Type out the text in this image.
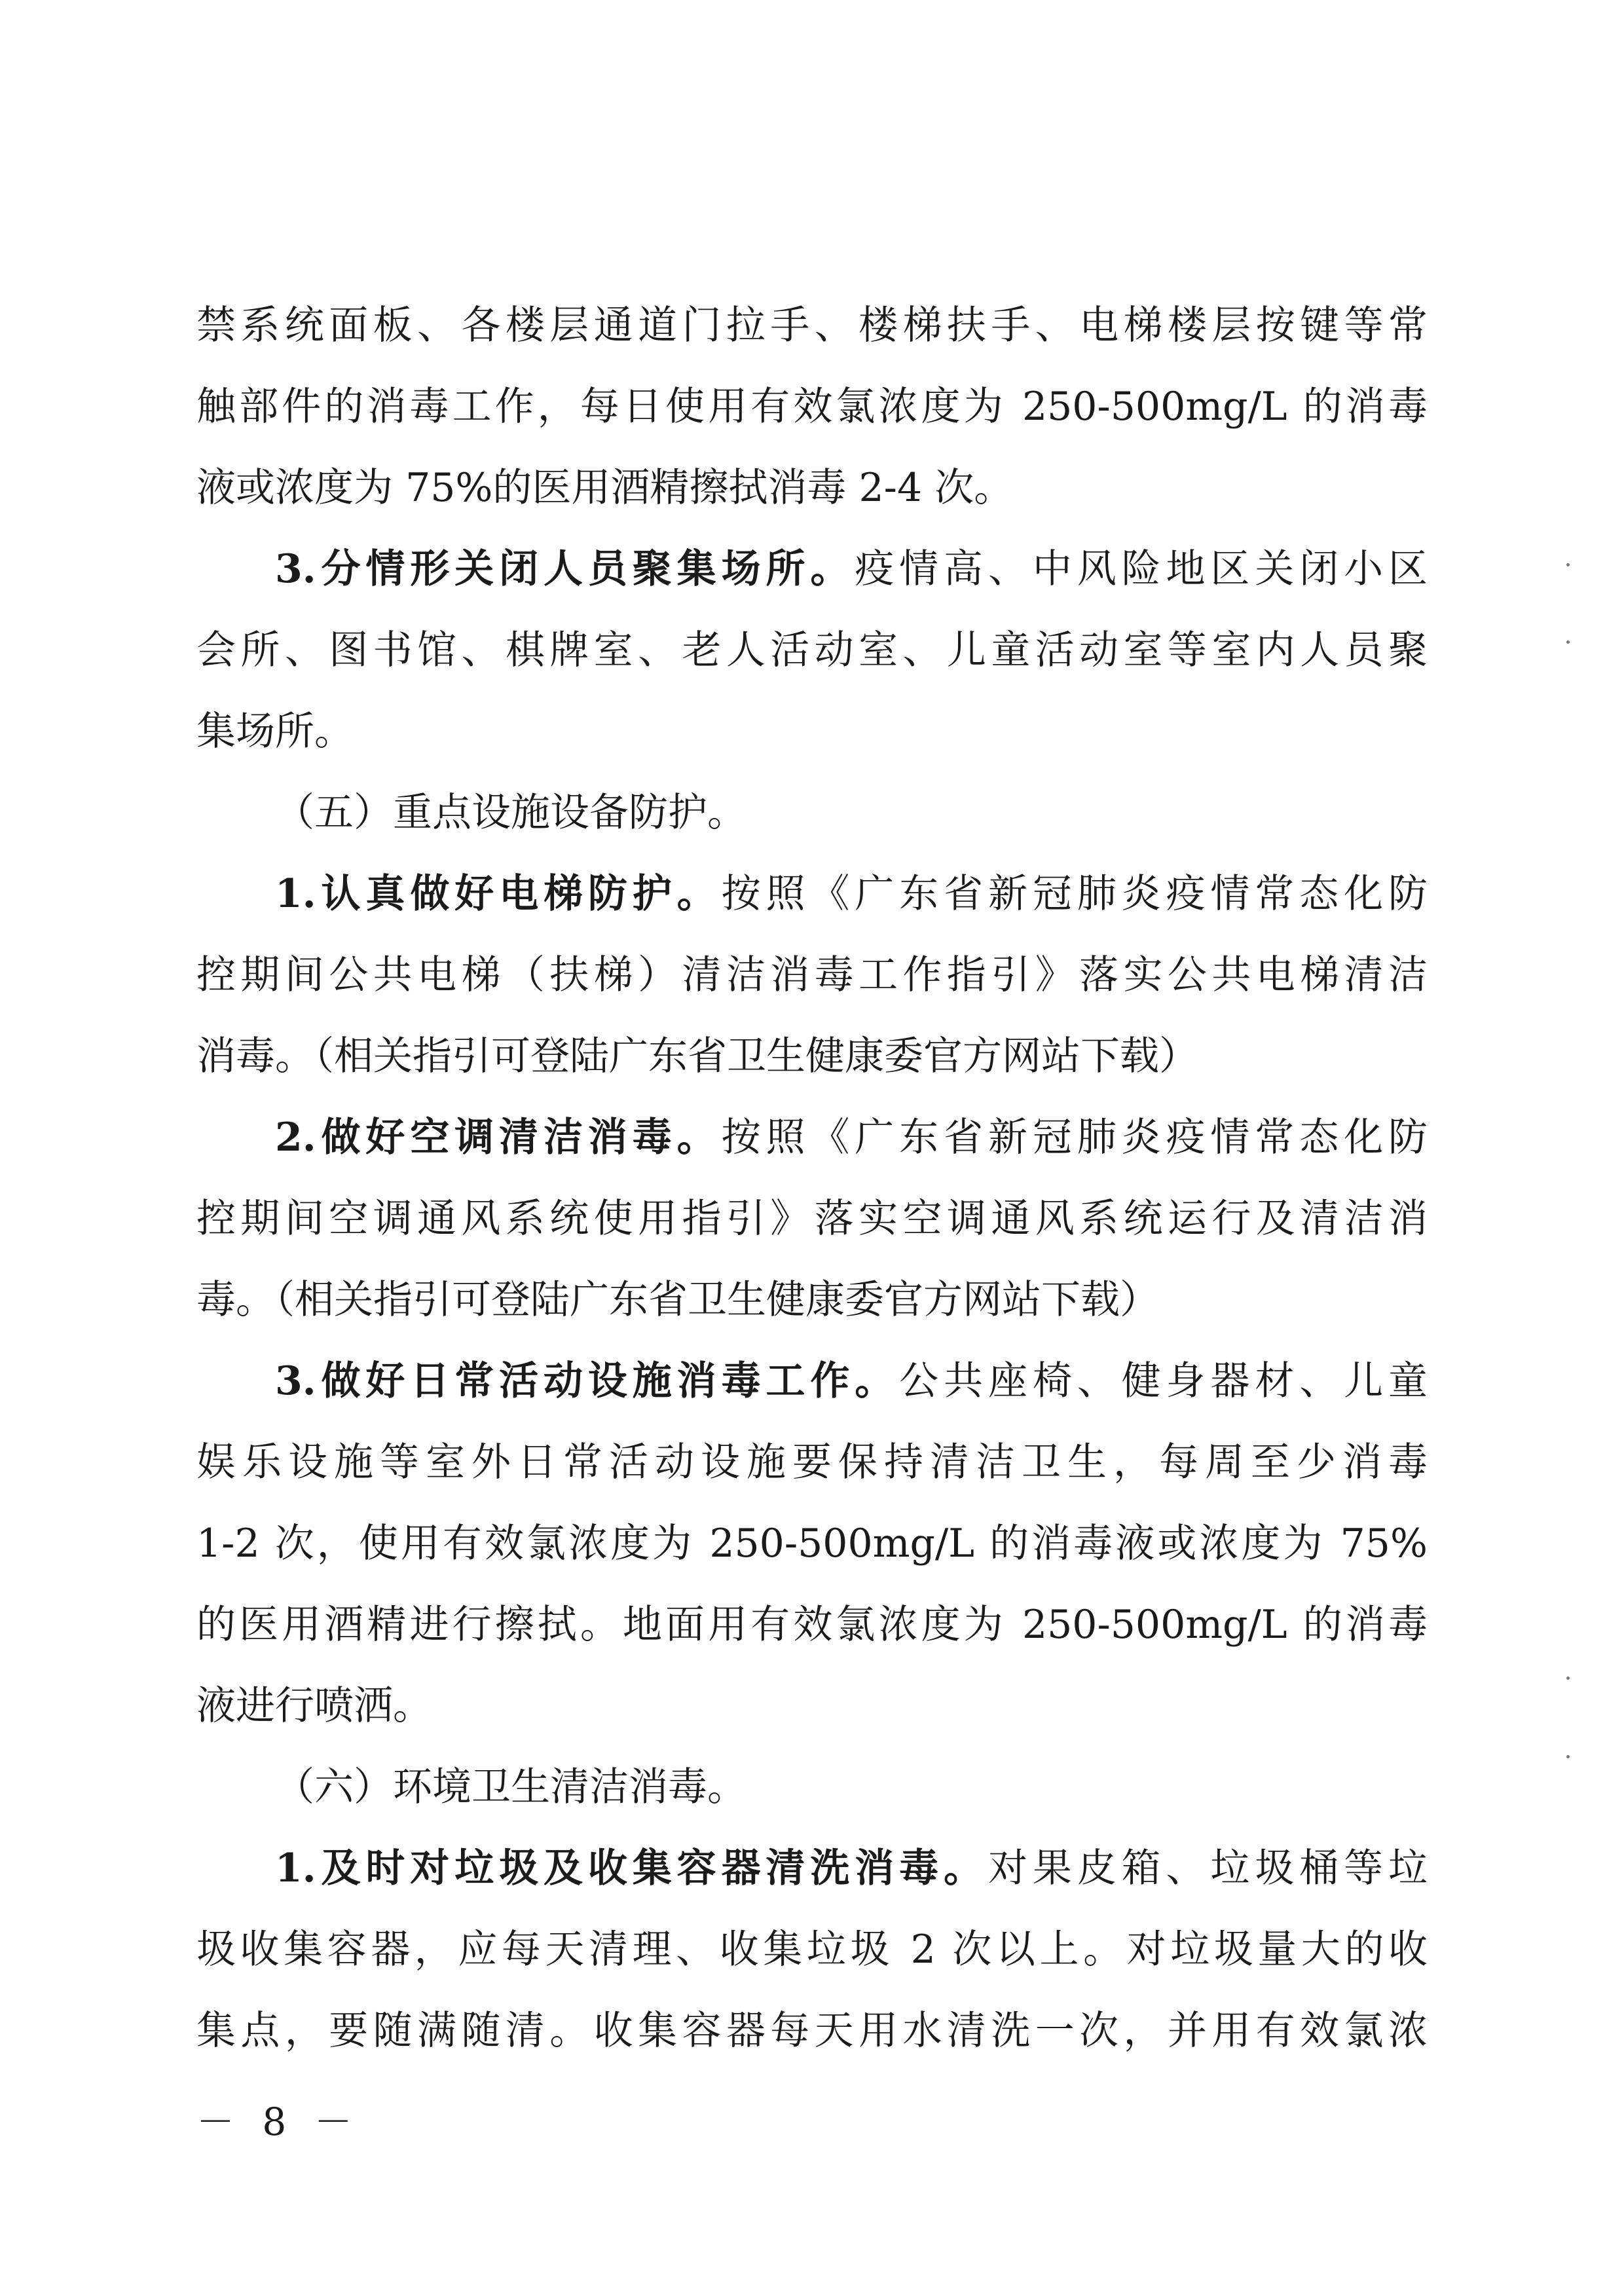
禁系统面板、各楼层通道门拉手、楼梯扶手、电梯楼层按键等常
触部件的消毒工作，每日使用有效氯浓度为 250-500mg/L 的消毒
液或浓度为 75%的医用酒精擦拭消毒 2-4 次。
3.分情形关闭人员聚集场所。疫情高、中风险地区关闭小区
会所、图书馆、棋牌室、老人活动室、儿童活动室等室内人员聚
集场所。
（五）重点设施设备防护。
1.认真做好电梯防护。按照《广东省新冠肺炎疫情常态化防
控期间公共电梯（扶梯）清洁消毒工作指引》落实公共电梯清洁
消毒。（相关指引可登陆广东省卫生健康委官方网站下载）
2.做好空调清洁消毒。按照《广东省新冠肺炎疫情常态化防
控期间空调通风系统使用指引》落实空调通风系统运行及清洁消
毒。（相关指引可登陆广东省卫生健康委官方网站下载）
3.做好日常活动设施消毒工作。公共座椅、健身器材、儿童
娱乐设施等室外日常活动设施要保持清洁卫生，每周至少消毒
1-2 次，使用有效氯浓度为 250-500mg/L 的消毒液或浓度为 75%
的医用酒精进行擦拭。地面用有效氯浓度为 250-500mg/L 的消毒
液进行喷洒。
（六）环境卫生清洁消毒。
1.及时对垃圾及收集容器清洗消毒。对果皮箱、垃圾桶等垃
圾收集容器，应每天清理、收集垃圾 2 次以上。对垃圾量大的收
集点，要随满随清。收集容器每天用水清洗一次，并用有效氯浓
－ 8 －
